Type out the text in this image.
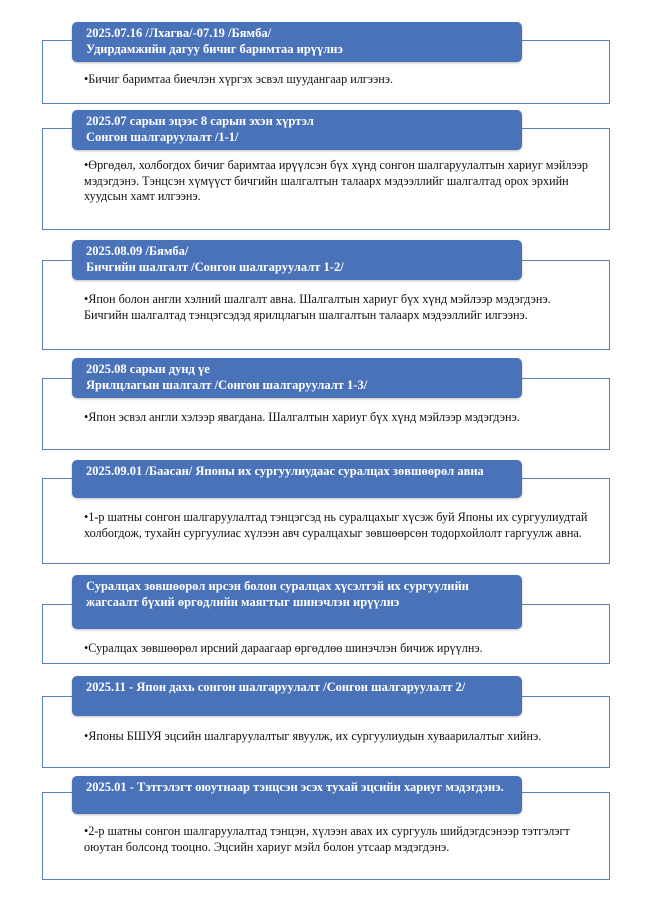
2025.07.16 /Лхагва/-07.19 /Бямба/
Удирдамжийн дагуу бичиг баримтаа ирүүлнэ
•Бичиг баримтаа биечлэн хүргэх эсвэл шуудангаар илгээнэ.
2025.07 сарын эцээс 8 сарын эхэн хүртэл
Сонгон шалгаруулалт /1-1/
•Өргөдөл, холбогдох бичиг баримтаа ирүүлсэн бүх хүнд сонгон шалгаруулалтын хариуг мэйлээр мэдэгдэнэ. Тэнцсэн хүмүүст бичгийн шалгалтын талаарх мэдээллийг шалгалтад орох эрхийн хуудсын хамт илгээнэ.
2025.08.09 /Бямба/
Бичгийн шалгалт /Сонгон шалгаруулалт 1-2/
•Япон болон англи хэлний шалгалт авна. Шалгалтын хариуг бүх хүнд мэйлээр мэдэгдэнэ. Бичгийн шалгалтад тэнцэгсэдэд ярилцлагын шалгалтын талаарх мэдээллийг илгээнэ.
2025.08 сарын дунд үе
Ярилцлагын шалгалт /Сонгон шалгаруулалт 1-3/
•Япон эсвэл англи хэлээр явагдана. Шалгалтын хариуг бүх хүнд мэйлээр мэдэгдэнэ.
2025.09.01 /Баасан/ Японы их сургуулиудаас суралцах зөвшөөрөл авна
•1-р шатны сонгон шалгаруулалтад тэнцэгсэд нь суралцахыг хүсэж буй Японы их сургуулиудтай холбогдож, тухайн сургуулиас хүлээн авч суралцахыг зөвшөөрсөн тодорхойлолт гаргуулж авна.
Суралцах зөвшөөрөл ирсэн болон суралцах хүсэлтэй их сургуулийн жагсаалт бүхий өргөдлийн маягтыг шинэчлэн ирүүлнэ
•Суралцах зөвшөөрөл ирсний дараагаар өргөдлөө шинэчлэн бичиж ирүүлнэ.
2025.11 - Япон дахь сонгон шалгаруулалт /Сонгон шалгаруулалт 2/
•Японы БШУЯ эцсийн шалгаруулалтыг явуулж, их сургуулиудын хуваарилалтыг хийнэ.
2025.01 - Тэтгэлэгт оюутнаар тэнцсэн эсэх тухай эцсийн хариуг мэдэгдэнэ.
•2-р шатны сонгон шалгаруулалтад тэнцэн, хүлээн авах их сургууль шийдэгдсэнээр тэтгэлэгт оюутан болсонд тооцно. Эцсийн хариуг мэйл болон утсаар мэдэгдэнэ.
